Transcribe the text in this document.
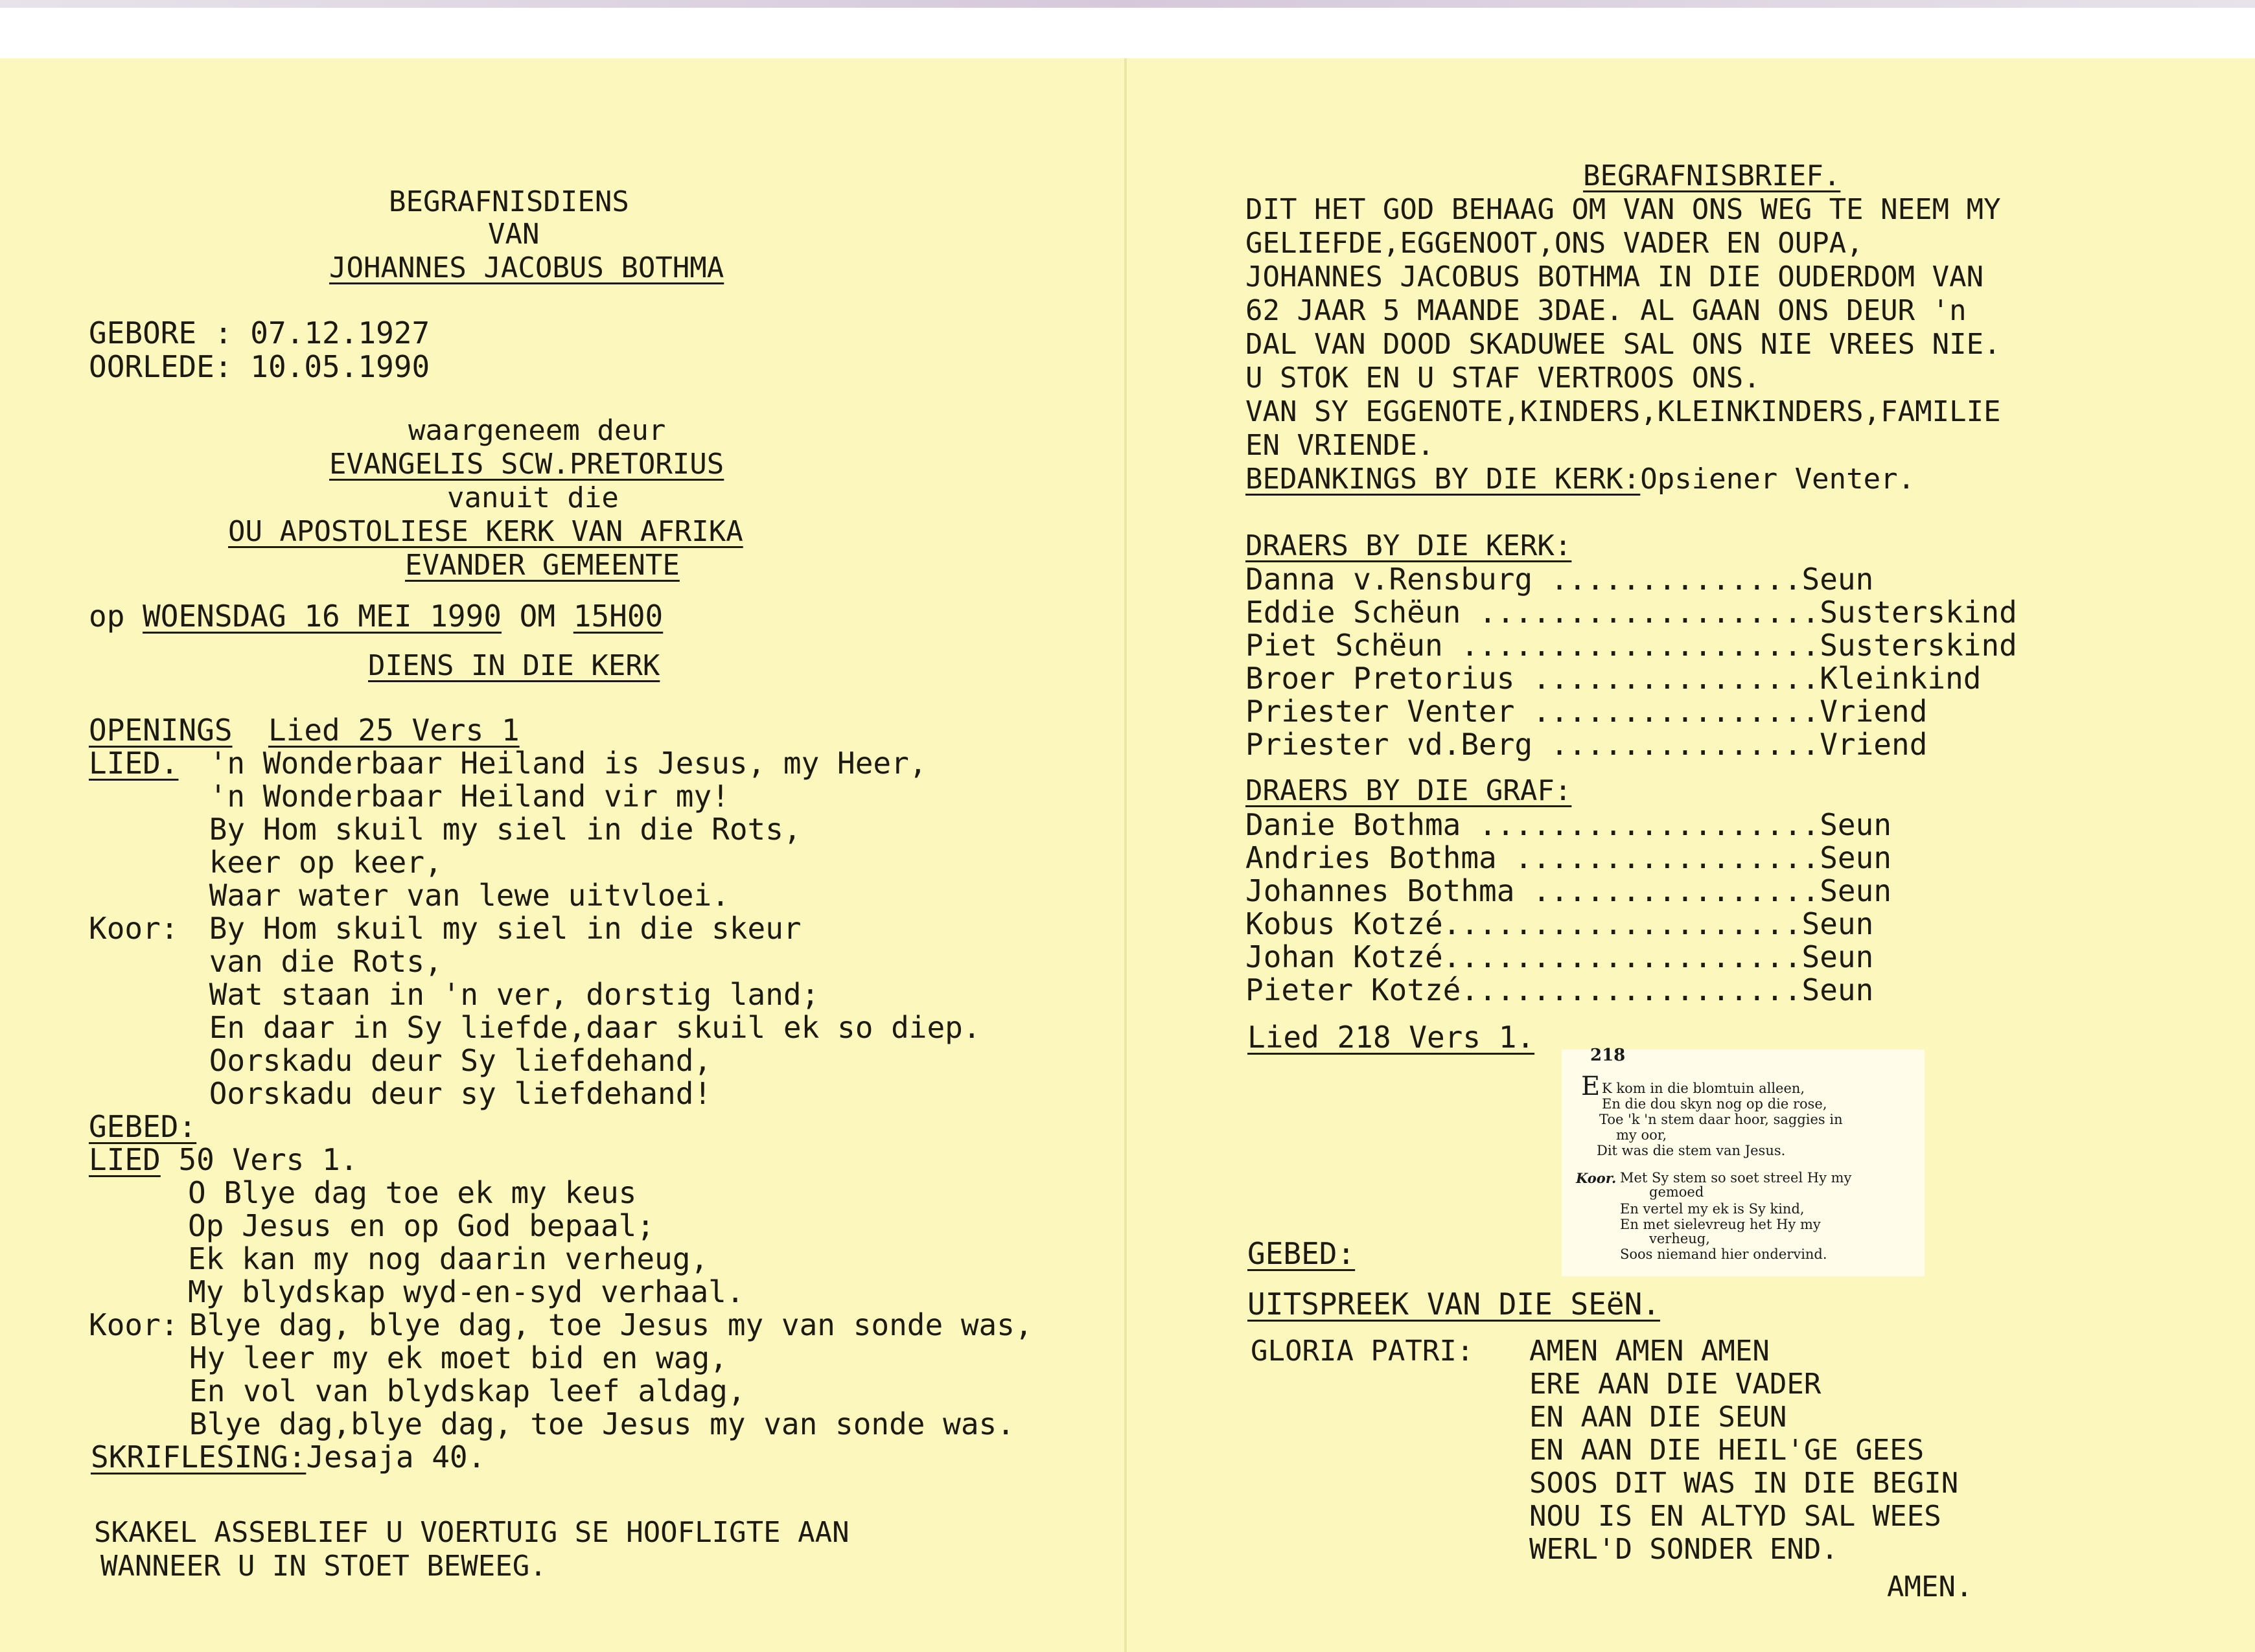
BEGRAFNISDIENS
VAN
JOHANNES JACOBUS BOTHMA
GEBORE : 07.12.1927
OORLEDE: 10.05.1990
waargeneem deur
EVANGELIS SCW.PRETORIUS
vanuit die
OU APOSTOLIESE KERK VAN AFRIKA
EVANDER GEMEENTE
op WOENSDAG 16 MEI 1990 OM 15H00
DIENS IN DIE KERK
OPENINGS Lied 25 Vers 1
LIED. 'n Wonderbaar Heiland is Jesus, my Heer,
'n Wonderbaar Heiland vir my!
By Hom skuil my siel in die Rots,
keer op keer,
Waar water van lewe uitvloei.
Koor: By Hom skuil my siel in die skeur
van die Rots,
Wat staan in 'n ver, dorstig land;
En daar in Sy liefde,daar skuil ek so diep.
Oorskadu deur Sy liefdehand,
Oorskadu deur sy liefdehand!
GEBED:
LIED 50 Vers 1.
O Blye dag toe ek my keus
Op Jesus en op God bepaal;
Ek kan my nog daarin verheug,
My blydskap wyd-en-syd verhaal.
Koor: Blye dag, blye dag, toe Jesus my van sonde was,
Hy leer my ek moet bid en wag,
En vol van blydskap leef aldag,
Blye dag,blye dag, toe Jesus my van sonde was.
SKRIFLESING:Jesaja 40.
SKAKEL ASSEBLIEF U VOERTUIG SE HOOFLIGTE AAN
WANNEER U IN STOET BEWEEG.
BEGRAFNISBRIEF.
DIT HET GOD BEHAAG OM VAN ONS WEG TE NEEM MY
GELIEFDE,EGGENOOT,ONS VADER EN OUPA,
JOHANNES JACOBUS BOTHMA IN DIE OUDERDOM VAN
62 JAAR 5 MAANDE 3DAE. AL GAAN ONS DEUR 'n
DAL VAN DOOD SKADUWEE SAL ONS NIE VREES NIE.
U STOK EN U STAF VERTROOS ONS.
VAN SY EGGENOTE,KINDERS,KLEINKINDERS,FAMILIE
EN VRIENDE.
BEDANKINGS BY DIE KERK:Opsiener Venter.
DRAERS BY DIE KERK:
Danna v.Rensburg ..............Seun
Eddie Schëun ...................Susterskind
Piet Schëun ....................Susterskind
Broer Pretorius ................Kleinkind
Priester Venter ................Vriend
Priester vd.Berg ...............Vriend
DRAERS BY DIE GRAF:
Danie Bothma ...................Seun
Andries Bothma .................Seun
Johannes Bothma ................Seun
Kobus Kotzé....................Seun
Johan Kotzé....................Seun
Pieter Kotzé...................Seun
Lied 218 Vers 1.
218
E K kom in die blomtuin alleen,
En die dou skyn nog op die rose,
Toe 'k 'n stem daar hoor, saggies in
my oor,
Dit was die stem van Jesus.
Koor. Met Sy stem so soet streel Hy my
gemoed
En vertel my ek is Sy kind,
En met sielevreug het Hy my
verheug,
Soos niemand hier ondervind.
GEBED:
UITSPREEK VAN DIE SEëN.
GLORIA PATRI: AMEN AMEN AMEN
ERE AAN DIE VADER
EN AAN DIE SEUN
EN AAN DIE HEIL'GE GEES
SOOS DIT WAS IN DIE BEGIN
NOU IS EN ALTYD SAL WEES
WERL'D SONDER END.
AMEN.
